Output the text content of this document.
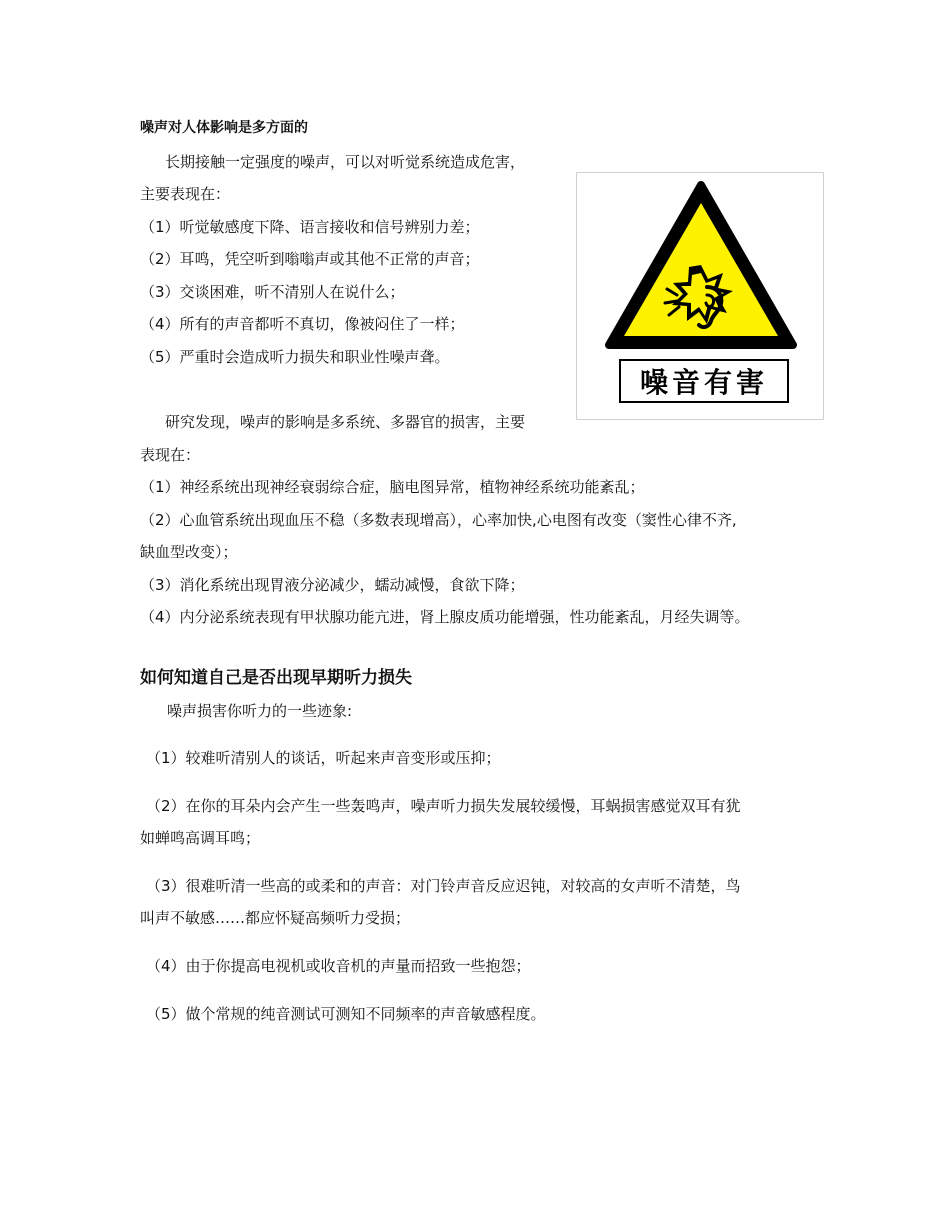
噪声对人体影响是多方面的
长期接触一定强度的噪声，可以对听觉系统造成危害，
主要表现在：
（1）听觉敏感度下降、语言接收和信号辨别力差；
（2）耳鸣，凭空听到嗡嗡声或其他不正常的声音；
（3）交谈困难，听不清别人在说什么；
（4）所有的声音都听不真切，像被闷住了一样；
（5）严重时会造成听力损失和职业性噪声聋。
噪音有害
研究发现，噪声的影响是多系统、多器官的损害，主要
表现在：
（1）神经系统出现神经衰弱综合症，脑电图异常，植物神经系统功能紊乱；
（2）心血管系统出现血压不稳（多数表现增高），心率加快,心电图有改变（窦性心律不齐,
缺血型改变）；
（3）消化系统出现胃液分泌减少，蠕动减慢，食欲下降；
（4）内分泌系统表现有甲状腺功能亢进，肾上腺皮质功能增强，性功能紊乱，月经失调等。
如何知道自己是否出现早期听力损失
噪声损害你听力的一些迹象:
（1）较难听清别人的谈话，听起来声音变形或压抑；
（2）在你的耳朵内会产生一些轰鸣声，噪声听力损失发展较缓慢，耳蜗损害感觉双耳有犹
如蝉鸣高调耳鸣；
（3）很难听清一些高的或柔和的声音：对门铃声音反应迟钝，对较高的女声听不清楚，鸟
叫声不敏感……都应怀疑高频听力受损；
（4）由于你提高电视机或收音机的声量而招致一些抱怨；
（5）做个常规的纯音测试可测知不同频率的声音敏感程度。
